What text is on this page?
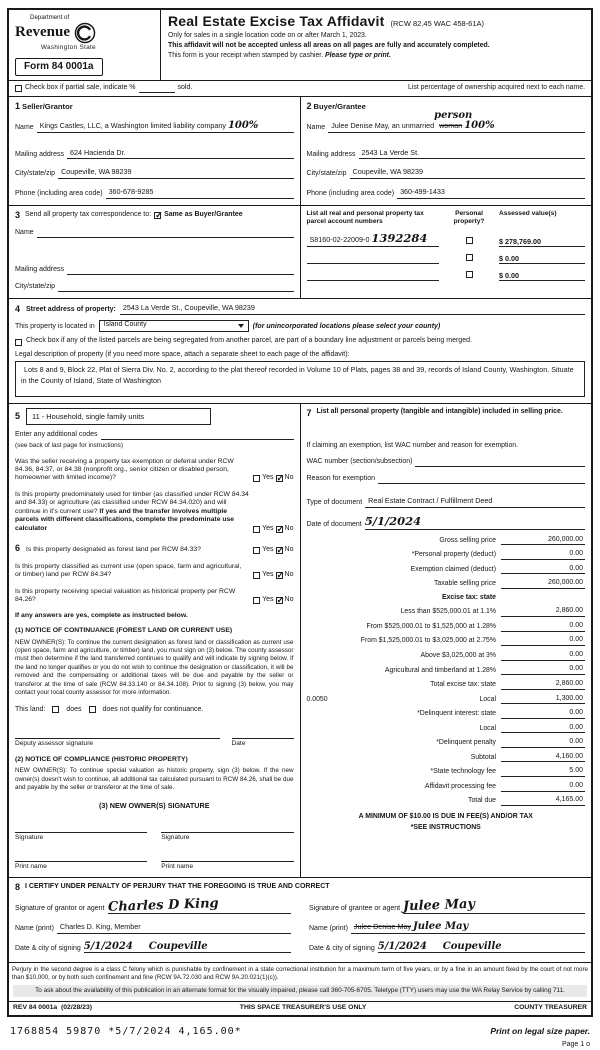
Department of
Revenue
Washington State
Form 84 0001a
Real Estate Excise Tax Affidavit (RCW 82.45 WAC 458-61A)
Only for sales in a single location code on or after March 1, 2023.
This affidavit will not be accepted unless all areas on all pages are fully and accurately completed.
This form is your receipt when stamped by cashier. Please type or print.
Check box if partial sale, indicate %	sold.	List percentage of ownership acquired next to each name.
1 Seller/Grantor
Name Kings Castles, LLC, a Washington limited liability company 100%
Mailing address 624 Hacienda Dr.
City/state/zip Coupeville, WA 98239
Phone (including area code) 360-678-9285
2 Buyer/Grantee
Name Julee Denise May, an unmarried
person
woman 100%
Mailing address 2543 La Verde St.
City/state/zip Coupeville, WA 98239
Phone (including area code) 360-499-1433
3 Send all property tax correspondence to: ✓ Same as Buyer/Grantee
Name
Mailing address
City/state/zip
List all real and personal property tax parcel account numbers
Personal property?
Assessed value(s)
S8160-02-22009-0 1392284	$ 278,769.00
$ 0.00
$ 0.00
4 Street address of property: 2543 La Verde St., Coupeville, WA 98239
This property is located in Island County	(for unincorporated locations please select your county)
Check box if any of the listed parcels are being segregated from another parcel, are part of a boundary line adjustment or parcels being merged.
Legal description of property (if you need more space, attach a separate sheet to each page of the affidavit):
Lots 8 and 9, Block 22, Plat of Sierra Div. No. 2, according to the plat thereof recorded in Volume 10 of Plats, pages 38 and 39, records of Island County, Washington. Situate in the County of Island, State of Washington
5	11 - Household, single family units
Enter any additional codes
(see back of last page for instructions)
Was the seller receiving a property tax exemption or deferral under RCW 84.36, 84.37, or 84.38 (nonprofit org., senior citizen or disabled person, homeowner with limited income)?	Yes ✓ No
Is this property predominately used for timber (as classified under RCW 84.34 and 84.33) or agriculture (as classified under RCW 84.34.020) and will continue in it's current use? If yes and the transfer involves multiple parcels with different classifications, complete the predominate use calculator	Yes ✓ No
6 Is this property designated as forest land per RCW 84.33?	Yes ✓ No
Is this property classified as current use (open space, farm and agricultural, or timber) land per RCW 84.34?	Yes ✓ No
Is this property receiving special valuation as historical property per RCW 84.26?	Yes ✓ No
If any answers are yes, complete as instructed below.
(1) NOTICE OF CONTINUANCE (FOREST LAND OR CURRENT USE)

NEW OWNER(S): To continue the current designation as forest land or classification as current use (open space, farm and agriculture, or timber) land, you must sign on (3) below. The county assessor must then determine if the land transferred continues to qualify and will indicate by signing below. If the land no longer qualifies or you do not wish to continue the designation or classification, it will be removed and the compensating or additional taxes will be due and payable by the seller or transferor at the time of sale (RCW 84.33.140 or 84.34.108). Prior to signing (3) below, you may contact your local county assessor for more information.

This land:	does	does not qualify for continuance.
Deputy assessor signature	Date
(2) NOTICE OF COMPLIANCE (HISTORIC PROPERTY)

NEW OWNER(S): To continue special valuation as historic property, sign (3) below. If the new owner(s) doesn't wish to continue, all additional tax calculated pursuant to RCW 84.26, shall be due and payable by the seller or transferor at the time of sale.

(3) NEW OWNER(S) SIGNATURE
Signature	Signature
Print name	Print name
7 List all personal property (tangible and intangible) included in selling price.
If claiming an exemption, list WAC number and reason for exemption.
WAC number (section/subsection)
Reason for exemption
Type of document Real Estate Contract / Fulfillment Deed
Date of document 5/1/2024
Gross selling price	260,000.00
*Personal property (deduct)	0.00
Exemption claimed (deduct)	0.00
Taxable selling price	260,000.00
Excise tax: state
Less than $525,000.01 at 1.1%	2,860.00
From $525,000.01 to $1,525,000 at 1.28%	0.00
From $1,525,000.01 to $3,025,000 at 2.75%	0.00
Above $3,025,000 at 3%	0.00
Agricultural and timberland at 1.28%	0.00
Total excise tax: state	2,860.00
0.0050	Local	1,300.00
*Delinquent interest: state	0.00
Local	0.00
*Delinquent penalty	0.00
Subtotal	4,160.00
*State technology fee	5.00
Affidavit processing fee	0.00
Total due	4,165.00
A MINIMUM OF $10.00 IS DUE IN FEE(S) AND/OR TAX
*SEE INSTRUCTIONS
8 I CERTIFY UNDER PENALTY OF PERJURY THAT THE FOREGOING IS TRUE AND CORRECT
Signature of grantor or agent Charles D King
Name (print) Charles D. King, Member
Date & city of signing 5/1/2024 Coupeville
Signature of grantee or agent Julee May
Name (print) Julee Denise May Julee May
Date & city of signing 5/1/2024 Coupeville

Perjury in the second degree is a class C felony which is punishable by confinement in a state correctional institution for a maximum term of five years, or by a fine in an amount fixed by the court of not more than $10,000, or by both such confinement and fine (RCW 9A.72.030 and RCW 9A.20.021(1)(c)).

To ask about the availability of this publication in an alternate format for the visually impaired, please call 360-705-6705. Teletype (TTY) users may use the WA Relay Service by calling 711.

REV 84 0001a (02/28/23)	THIS SPACE TREASURER'S USE ONLY	COUNTY TREASURER
1768854 59870 *5/7/2024 4,165.00*	Print on legal size paper.
Page 1 o
